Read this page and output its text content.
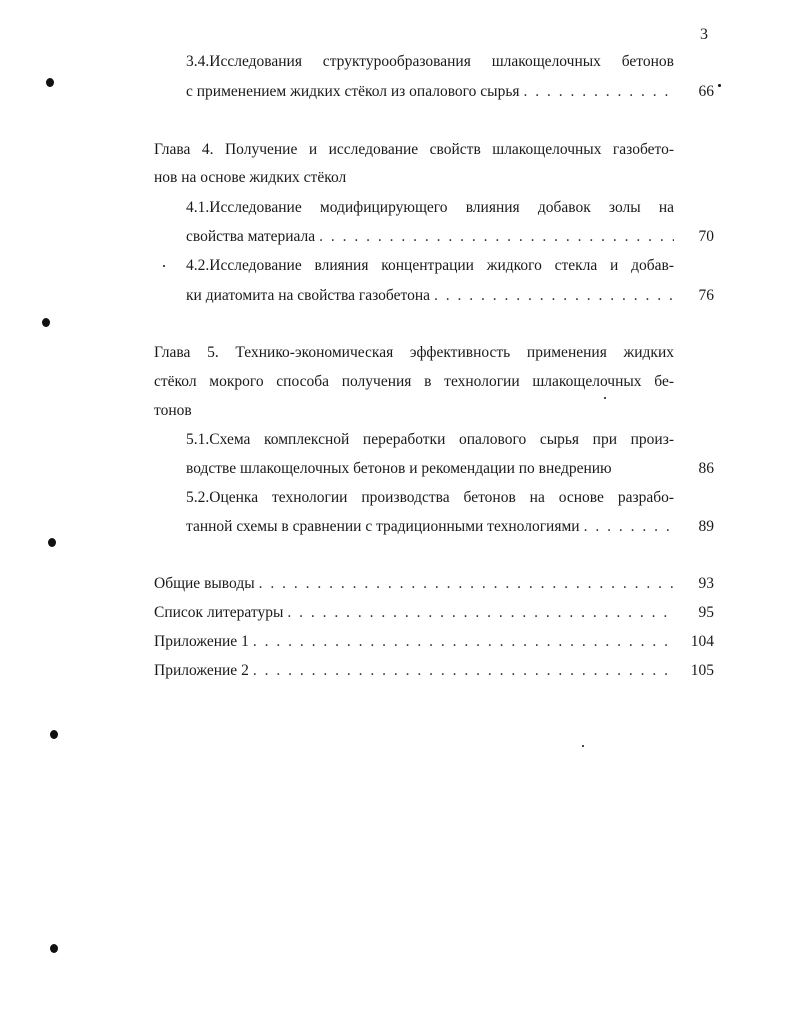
3
3.4.Исследования структурообразования шлакощелочных бетонов
с применением жидких стёкол из опалового сырья . . .	66
Глава 4. Получение и исследование свойств шлакощелочных газобето-
нов на основе жидких стёкол
4.1.Исследование модифицирующего влияния добавок золы на
свойства материала . . .	70
4.2.Исследование влияния концентрации жидкого стекла и добав-
ки диатомита на свойства газобетона . . .	76
Глава 5. Технико-экономическая эффективность применения жидких
стёкол мокрого способа получения в технологии шлакощелочных бе-
тонов
5.1.Схема комплексной переработки опалового сырья при произ-
водстве шлакощелочных бетонов и рекомендации по внедрению	86
5.2.Оценка технологии производства бетонов на основе разрабо-
танной схемы в сравнении с традиционными технологиями . . .	89
Общие выводы . . .	93
Список литературы . . .	95
Приложение 1 . . .	104
Приложение 2 . . .	105
